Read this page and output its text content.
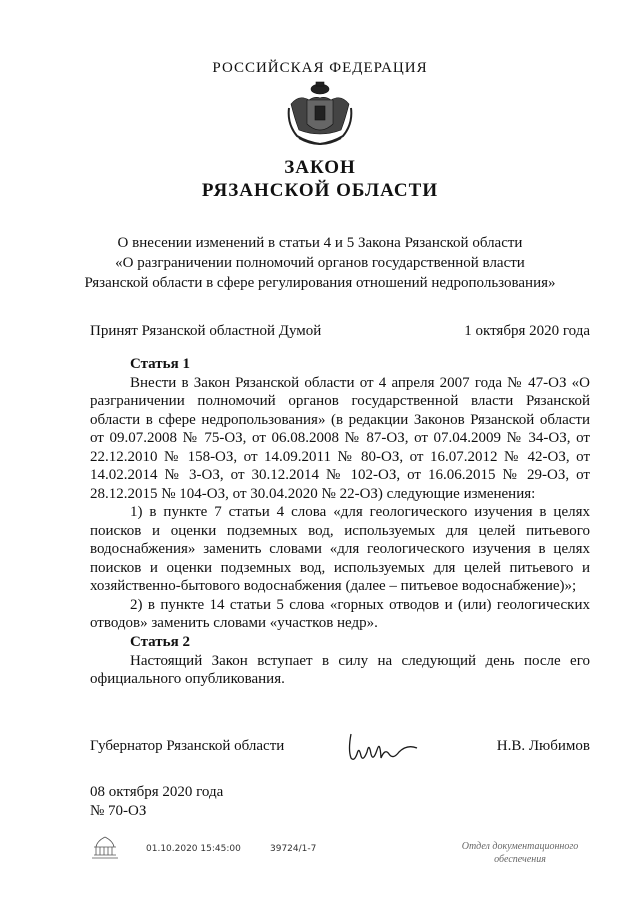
РОССИЙСКАЯ ФЕДЕРАЦИЯ
ЗАКОН
РЯЗАНСКОЙ ОБЛАСТИ
О внесении изменений в статьи 4 и 5 Закона Рязанской области
«О разграничении полномочий органов государственной власти
Рязанской области в сфере регулирования отношений недропользования»
Принят Рязанской областной Думой	1 октября 2020 года
Статья 1

Внести в Закон Рязанской области от 4 апреля 2007 года № 47-ОЗ «О разграничении полномочий органов государственной власти Рязанской области в сфере недропользования» (в редакции Законов Рязанской области от 09.07.2008 № 75-ОЗ, от 06.08.2008 № 87-ОЗ, от 07.04.2009 № 34-ОЗ, от 22.12.2010 № 158-ОЗ, от 14.09.2011 № 80-ОЗ, от 16.07.2012 № 42-ОЗ, от 14.02.2014 № 3-ОЗ, от 30.12.2014 № 102-ОЗ, от 16.06.2015 № 29-ОЗ, от 28.12.2015 № 104-ОЗ, от 30.04.2020 № 22-ОЗ) следующие изменения:

1) в пункте 7 статьи 4 слова «для геологического изучения в целях поисков и оценки подземных вод, используемых для целей питьевого водоснабжения» заменить словами «для геологического изучения в целях поисков и оценки подземных вод, используемых для целей питьевого и хозяйственно-бытового водоснабжения (далее – питьевое водоснабжение)»;

2) в пункте 14 статьи 5 слова «горных отводов и (или) геологических отводов» заменить словами «участков недр».

Статья 2

Настоящий Закон вступает в силу на следующий день после его официального опубликования.

Губернатор Рязанской области	Н.В. Любимов
08 октября 2020 года
№ 70-ОЗ
01.10.2020 15:45:00	39724/1-7	Отдел документационного
обеспечения
